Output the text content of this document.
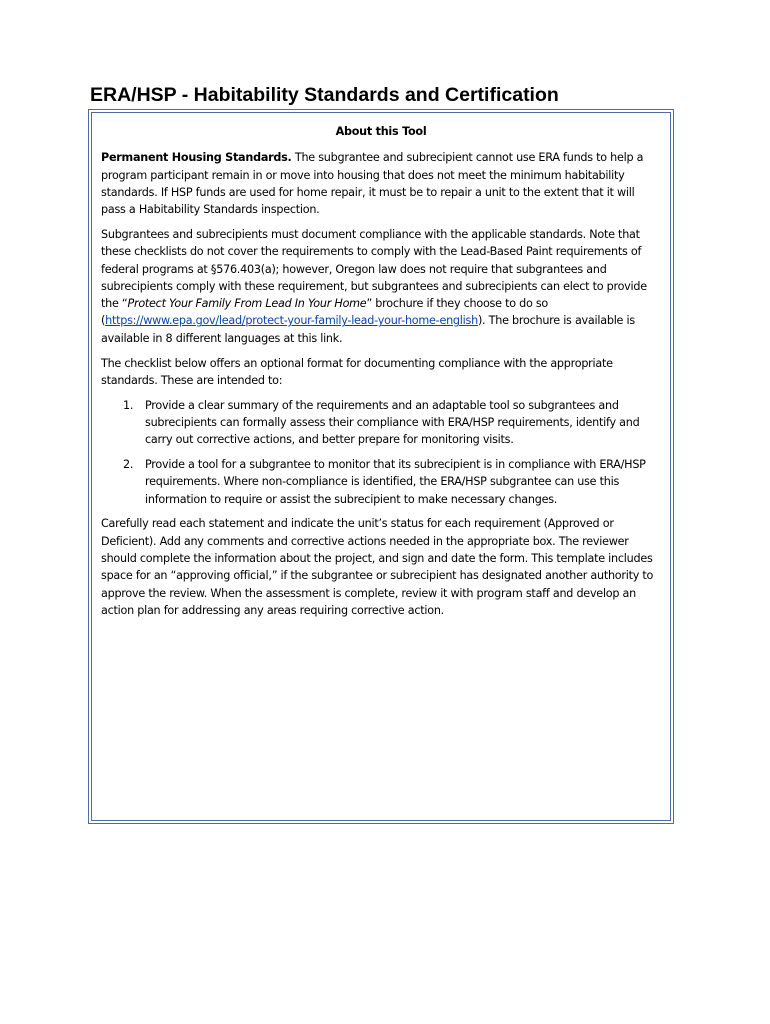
ERA/HSP - Habitability Standards and Certification
About this Tool

Permanent Housing Standards. The subgrantee and subrecipient cannot use ERA funds to help a program participant remain in or move into housing that does not meet the minimum habitability standards. If HSP funds are used for home repair, it must be to repair a unit to the extent that it will pass a Habitability Standards inspection.

Subgrantees and subrecipients must document compliance with the applicable standards. Note that these checklists do not cover the requirements to comply with the Lead-Based Paint requirements of federal programs at §576.403(a); however, Oregon law does not require that subgrantees and subrecipients comply with these requirement, but subgrantees and subrecipients can elect to provide the “Protect Your Family From Lead In Your Home” brochure if they choose to do so (https://www.epa.gov/lead/protect-your-family-lead-your-home-english). The brochure is available is available in 8 different languages at this link.

The checklist below offers an optional format for documenting compliance with the appropriate standards. These are intended to:

1. Provide a clear summary of the requirements and an adaptable tool so subgrantees and subrecipients can formally assess their compliance with ERA/HSP requirements, identify and carry out corrective actions, and better prepare for monitoring visits.
2. Provide a tool for a subgrantee to monitor that its subrecipient is in compliance with ERA/HSP requirements. Where non-compliance is identified, the ERA/HSP subgrantee can use this information to require or assist the subrecipient to make necessary changes.

Carefully read each statement and indicate the unit’s status for each requirement (Approved or Deficient). Add any comments and corrective actions needed in the appropriate box. The reviewer should complete the information about the project, and sign and date the form. This template includes space for an “approving official,” if the subgrantee or subrecipient has designated another authority to approve the review. When the assessment is complete, review it with program staff and develop an action plan for addressing any areas requiring corrective action.
